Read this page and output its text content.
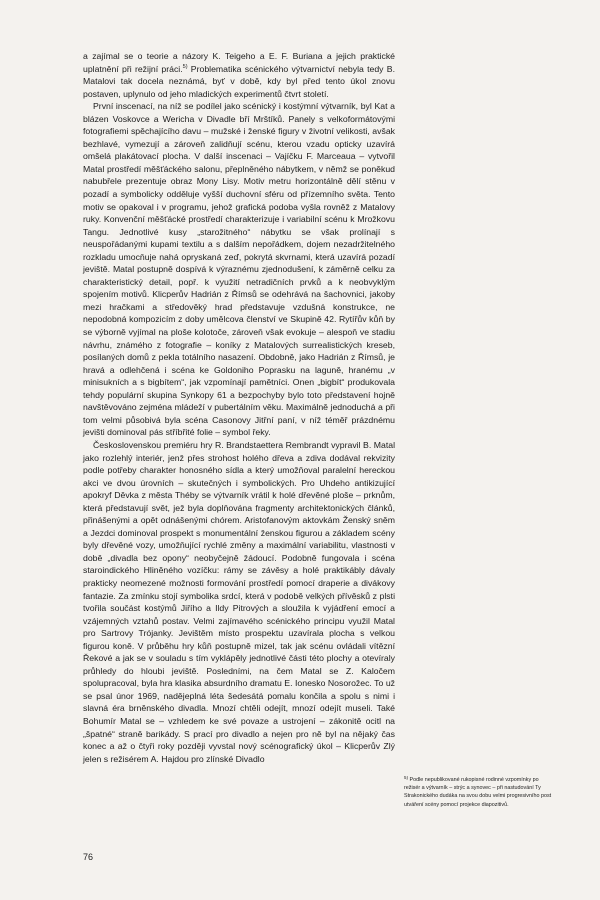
a zajímal se o teorie a názory K. Teigeho a E. F. Buriana a jejich praktické uplatnění při režijní práci.$^{5)}$ Problematika scénického výtvarnictví nebyla tedy B. Matalovi tak docela neznámá, byť v době, kdy byl před tento úkol znovu postaven, uplynulo od jeho mladických experimentů čtvrt století.

První inscenací, na níž se podílel jako scénický i kostýmní výtvarník, byl Kat a blázen Voskovce a Wericha v Divadle bří Mrštíků. Panely s velkoformátovými fotografiemi spěchajícího davu – mužské i ženské figury v životní velikosti, avšak bezhlavé, vymezují a zároveň zalidňují scénu, kterou vzadu opticky uzavírá omšelá plakátovací plocha. V další inscenaci – Vajíčku F. Marceaua – vytvořil Matal prostředí měšťáckého salonu, přeplněného nábytkem, v němž se poněkud nabubřele prezentuje obraz Mony Lisy. Motiv metru horizontálně dělí stěnu v pozadí a symbolicky odděluje vyšší duchovní sféru od přízemního světa. Tento motiv se opakoval i v programu, jehož grafická podoba vyšla rovněž z Matalovy ruky. Konvenční měšťácké prostředí charakterizuje i variabilní scénu k Mrožkovu Tangu. Jednotlivé kusy „starožitného“ nábytku se však prolínají s neuspořádanými kupami textilu a s dalším nepořádkem, dojem nezadržitelného rozkladu umocňuje nahá opryskaná zeď, pokrytá skvrnami, která uzavírá pozadí jeviště. Matal postupně dospívá k výraznému zjednodušení, k záměrně celku za charakteristický detail, popř. k využití netradičních prvků a k neobvyklým spojením motivů. Klicperův Hadrián z Římsů se odehrává na šachovnici, jakoby mezi hračkami a středověký hrad představuje vzdušná konstrukce, ne nepodobná kompozicím z doby umělcova členství ve Skupině 42. Rytířův kůň by se výborně vyjímal na ploše kolotoče, zároveň však evokuje – alespoň ve stadiu návrhu, známého z fotografie – koníky z Matalových surrealistických kreseb, posílaných domů z pekla totálního nasazení. Obdobně, jako Hadrián z Římsů, je hravá a odlehčená i scéna ke Goldoniho Poprasku na laguně, hranému „v minisukních a s bigbítem“, jak vzpomínají pamětníci. Onen „bigbít“ produkovala tehdy populární skupina Synkopy 61 a bezpochyby bylo toto představení hojně navštěvováno zejména mládeží v pubertálním věku. Maximálně jednoduchá a při tom velmi působivá byla scéna Casonovy Jitřní paní, v níž téměř prázdnému jevišti dominoval pás stříbřité folie – symbol řeky.

Československou premiéru hry R. Brandstaettera Rembrandt vypravil B. Matal jako rozlehlý interiér, jenž přes strohost holého dřeva a zdiva dodával rekvizity podle potřeby charakter honosného sídla a který umožňoval paralelní hereckou akci ve dvou úrovních – skutečných i symbolických. Pro Uhdeho antikizující apokryf Děvka z města Théby se výtvarník vrátil k holé dřevěné ploše – prknům, která představují svět, jež byla doplňována fragmenty architektonických článků, přinášenými a opět odnášenými chórem. Aristofanovým aktovkám Ženský sněm a Jezdci dominoval prospekt s monumentální ženskou figurou a základem scény byly dřevěné vozy, umožňující rychlé změny a maximální variabilitu, vlastnosti v době „divadla bez opony“ neobyčejně žádoucí. Podobně fungovala i scéna staroindického Hliněného vozíčku: rámy se závěsy a holé praktikábly dávaly prakticky neomezené možnosti formování prostředí pomocí draperie a divákovy fantazie. Za zmínku stojí symbolika srdcí, která v podobě velkých přívěsků z plsti tvořila součást kostýmů Jiřího a Ildy Pitrových a sloužila k vyjádření emocí a vzájemných vztahů postav. Velmi zajímavého scénického principu využil Matal pro Sartrovy Trójanky. Jevištěm místo prospektu uzavírala plocha s velkou figurou koně. V průběhu hry kůň postupně mizel, tak jak scénu ovládali vítězní Řekové a jak se v souladu s tím vyklápěly jednotlivé části této plochy a otevíraly průhledy do hloubi jeviště. Posledními, na čem Matal se Z. Kaločem spolupracoval, byla hra klasika absurdního dramatu E. Ionesko Nosorožec. To už se psal únor 1969, nadějeplná léta šedesátá pomalu končila a spolu s nimi i slavná éra brněnského divadla. Mnozí chtěli odejít, mnozí odejít museli. Také Bohumír Matal se – vzhledem ke své povaze a ustrojení – zákonitě ocitl na „špatné“ straně barikády. S prací pro divadlo a nejen pro ně byl na nějaký čas konec a až o čtyři roky později vyvstal nový scénografický úkol – Klicperův Zlý jelen s režisérem A. Hajdou pro zlínské Divadlo

$^{5)}$ Podle nepublikované rukopisné rodinné vzpomínky po
režisér a výtvarník – strýc a synovec – při nastudování Ty
Strakonického dudáka na svou dobu velmi progresivního post
utváření scény pomocí projekce diapozitivů.
76
